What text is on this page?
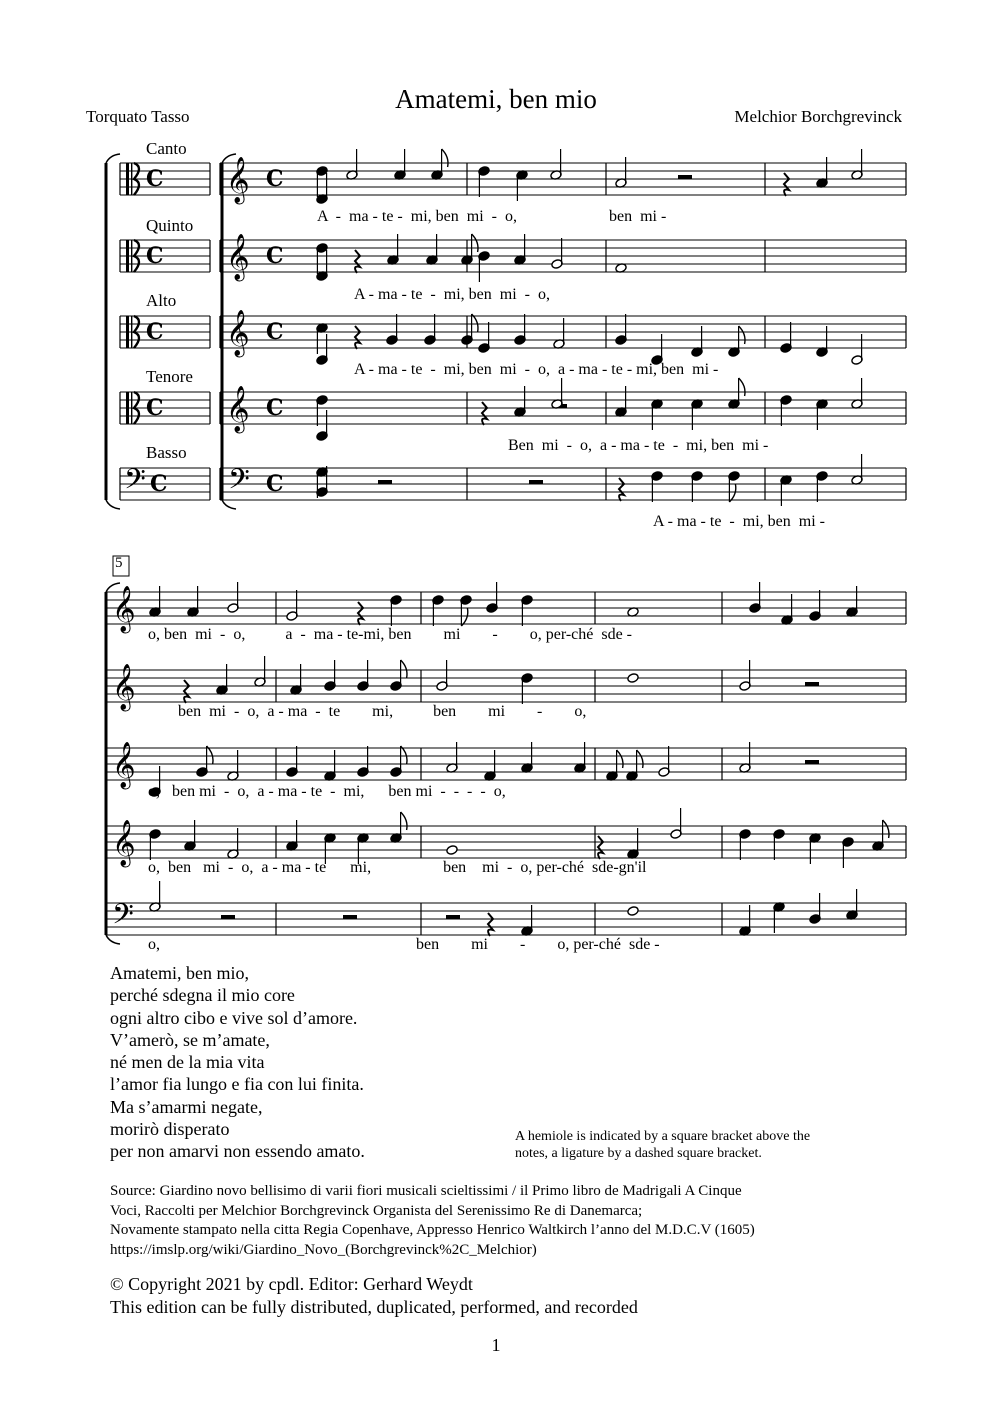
Amatemi, ben mio
Torquato Tasso	Melchior Borchgrevinck
𝄞
C	C
𝄞
C	C
𝄞
C	C
𝄞
C	C
𝄢 𝄢
C	C
𝄞
𝄞
𝄞
𝄞
𝄢
Canto
Quinto
Alto
Tenore
Basso
A  -  ma - te -  mi, ben  mi  -  o,                       ben  mi -
A - ma - te  -  mi, ben  mi  -  o,
A - ma - te  -  mi, ben  mi  -  o,  a - ma - te - mi, ben  mi -
Ben  mi  -  o,  a - ma - te  -  mi, ben  mi -
A - ma - te  -  mi, ben  mi -
5
o, ben  mi  -  o,          a  -  ma - te-mi, ben        mi        -        o, per-ché  sde -
ben  mi  -  o,  a - ma  -  te        mi,          ben        mi        -        o,
o,   ben mi  -  o,  a - ma - te  -  mi,      ben mi  -  -  -  -  o,
o,  ben   mi  -  o,  a - ma - te      mi,                  ben    mi  -  o, per-ché  sde-gn'il
o,                                                                ben        mi        -        o, per-ché  sde -
Amatemi, ben mio,
perché sdegna il mio core
ogni altro cibo e vive sol d’amore.
V’amerò, se m’amate,
né men de la mia vita
l’amor fia lungo e fia con lui finita.
Ma s’amarmi negate,
morirò disperato
per non amarvi non essendo amato.
A hemiole is indicated by a square bracket above the
notes, a ligature by a dashed square bracket.
Source: Giardino novo bellisimo di varii fiori musicali scieltissimi / il Primo libro de Madrigali A Cinque
Voci, Raccolti per Melchior Borchgrevinck Organista del Serenissimo Re di Danemarca;
Novamente stampato nella citta Regia Copenhave, Appresso Henrico Waltkirch l’anno del M.D.C.V (1605)
https://imslp.org/wiki/Giardino_Novo_(Borchgrevinck%2C_Melchior)
© Copyright 2021 by cpdl. Editor: Gerhard Weydt
This edition can be fully distributed, duplicated, performed, and recorded
1
